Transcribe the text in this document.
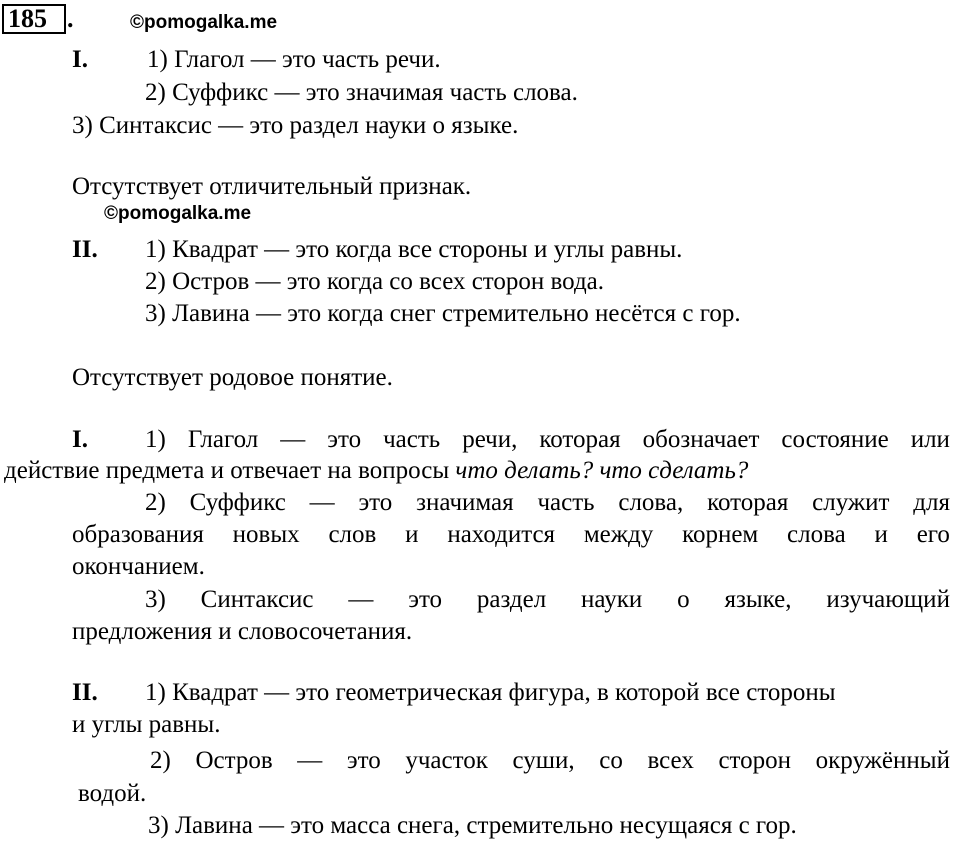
185 .	©pomogalka.me
I. 1) Глагол — это часть речи.
2) Суффикс — это значимая часть слова.
3) Синтаксис — это раздел науки о языке.
Отсутствует отличительный признак.
©pomogalka.me
II. 1) Квадрат — это когда все стороны и углы равны.
2) Остров — это когда со всех сторон вода.
3) Лавина — это когда снег стремительно несётся с гор.
Отсутствует родовое понятие.
I. 1) Глагол — это часть речи, которая обозначает состояние или
действие предмета и отвечает на вопросы что делать? что сделать?
2) Суффикс — это значимая часть слова, которая служит для
образования новых слов и находится между корнем слова и его
окончанием.
3) Синтаксис — это раздел науки о языке, изучающий
предложения и словосочетания.
II. 1) Квадрат — это геометрическая фигура, в которой все стороны
и углы равны.
2) Остров — это участок суши, со всех сторон окружённый
водой.
3) Лавина — это масса снега, стремительно несущаяся с гор.
